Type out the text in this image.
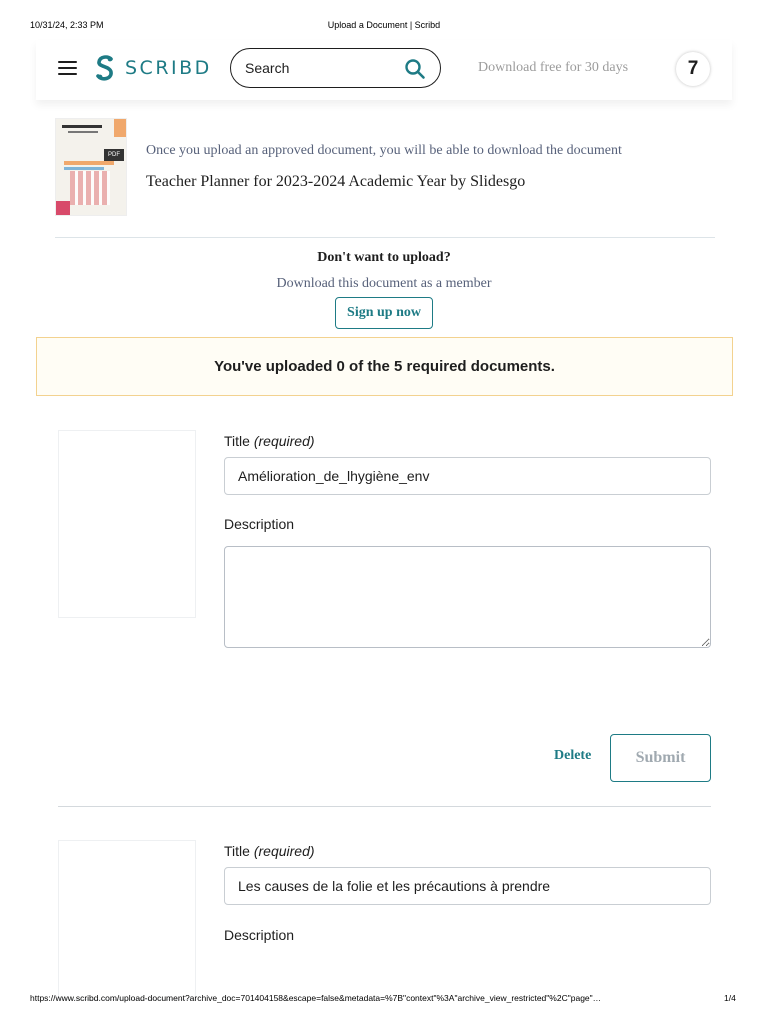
10/31/24, 2:33 PM	Upload a Document | Scribd
SCRIBD
Search	Download free for 30 days	7
PDF Once you upload an approved document, you will be able to download the document
Teacher Planner for 2023-2024 Academic Year by Slidesgo
Don't want to upload?
Download this document as a member
Sign up now
You've uploaded 0 of the 5 required documents.
Title (required)
Amélioration_de_lhygiène_env
Description
Delete	Submit
Title (required)
Les causes de la folie et les précautions à prendre
Description
https://www.scribd.com/upload-document?archive_doc=701404158&escape=false&metadata=%7B"context"%3A"archive_view_restricted"%2C"page"…	1/4
